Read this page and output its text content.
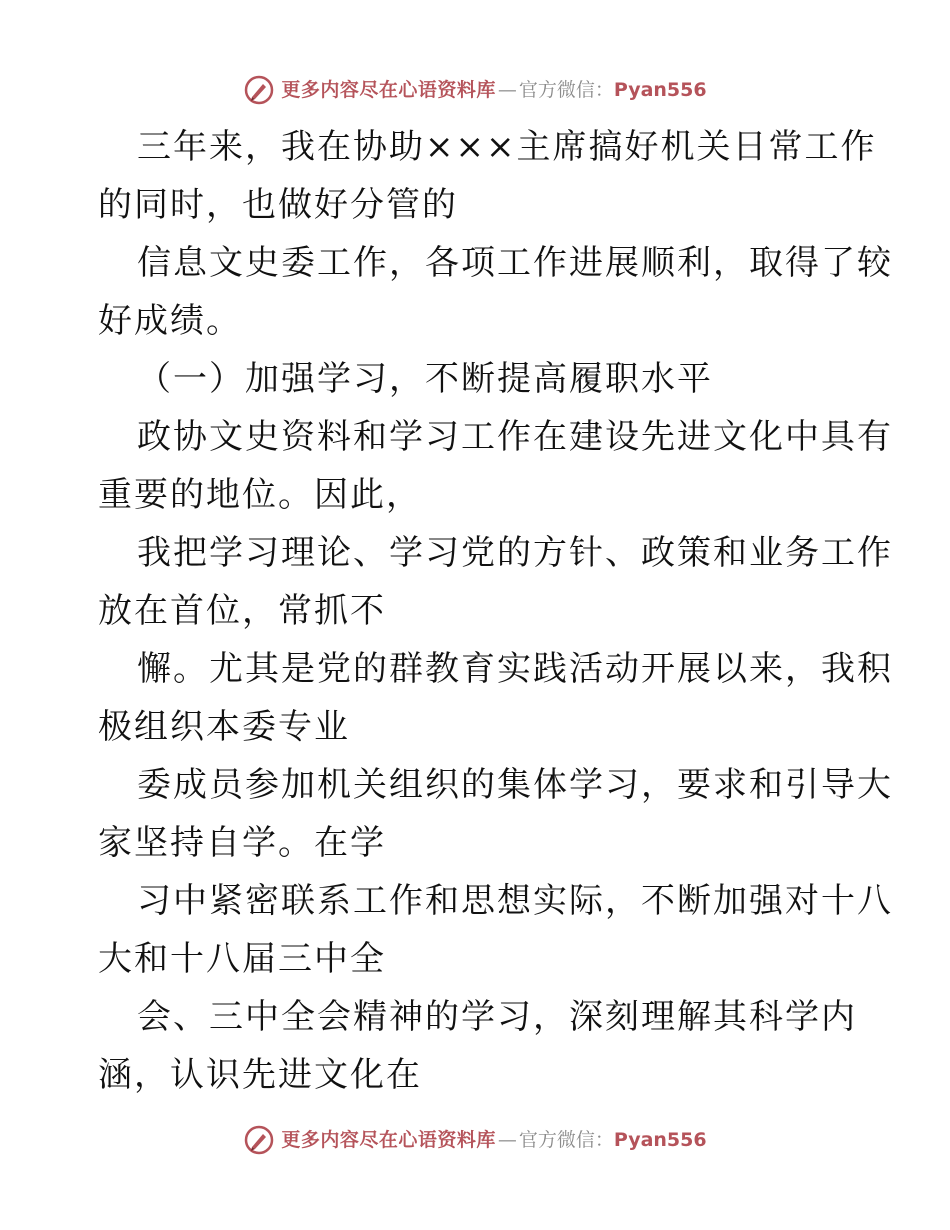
更多内容尽在心语资料库 — 官方微信： Pyan556
三年来，我在协助×××主席搞好机关日常工作
的同时，也做好分管的
信息文史委工作，各项工作进展顺利，取得了较
好成绩。
（一）加强学习，不断提高履职水平
政协文史资料和学习工作在建设先进文化中具有
重要的地位。因此，
我把学习理论、学习党的方针、政策和业务工作
放在首位，常抓不
懈。尤其是党的群教育实践活动开展以来，我积
极组织本委专业
委成员参加机关组织的集体学习，要求和引导大
家坚持自学。在学
习中紧密联系工作和思想实际，不断加强对十八
大和十八届三中全
会、三中全会精神的学习，深刻理解其科学内
涵，认识先进文化在
更多内容尽在心语资料库 — 官方微信： Pyan556
